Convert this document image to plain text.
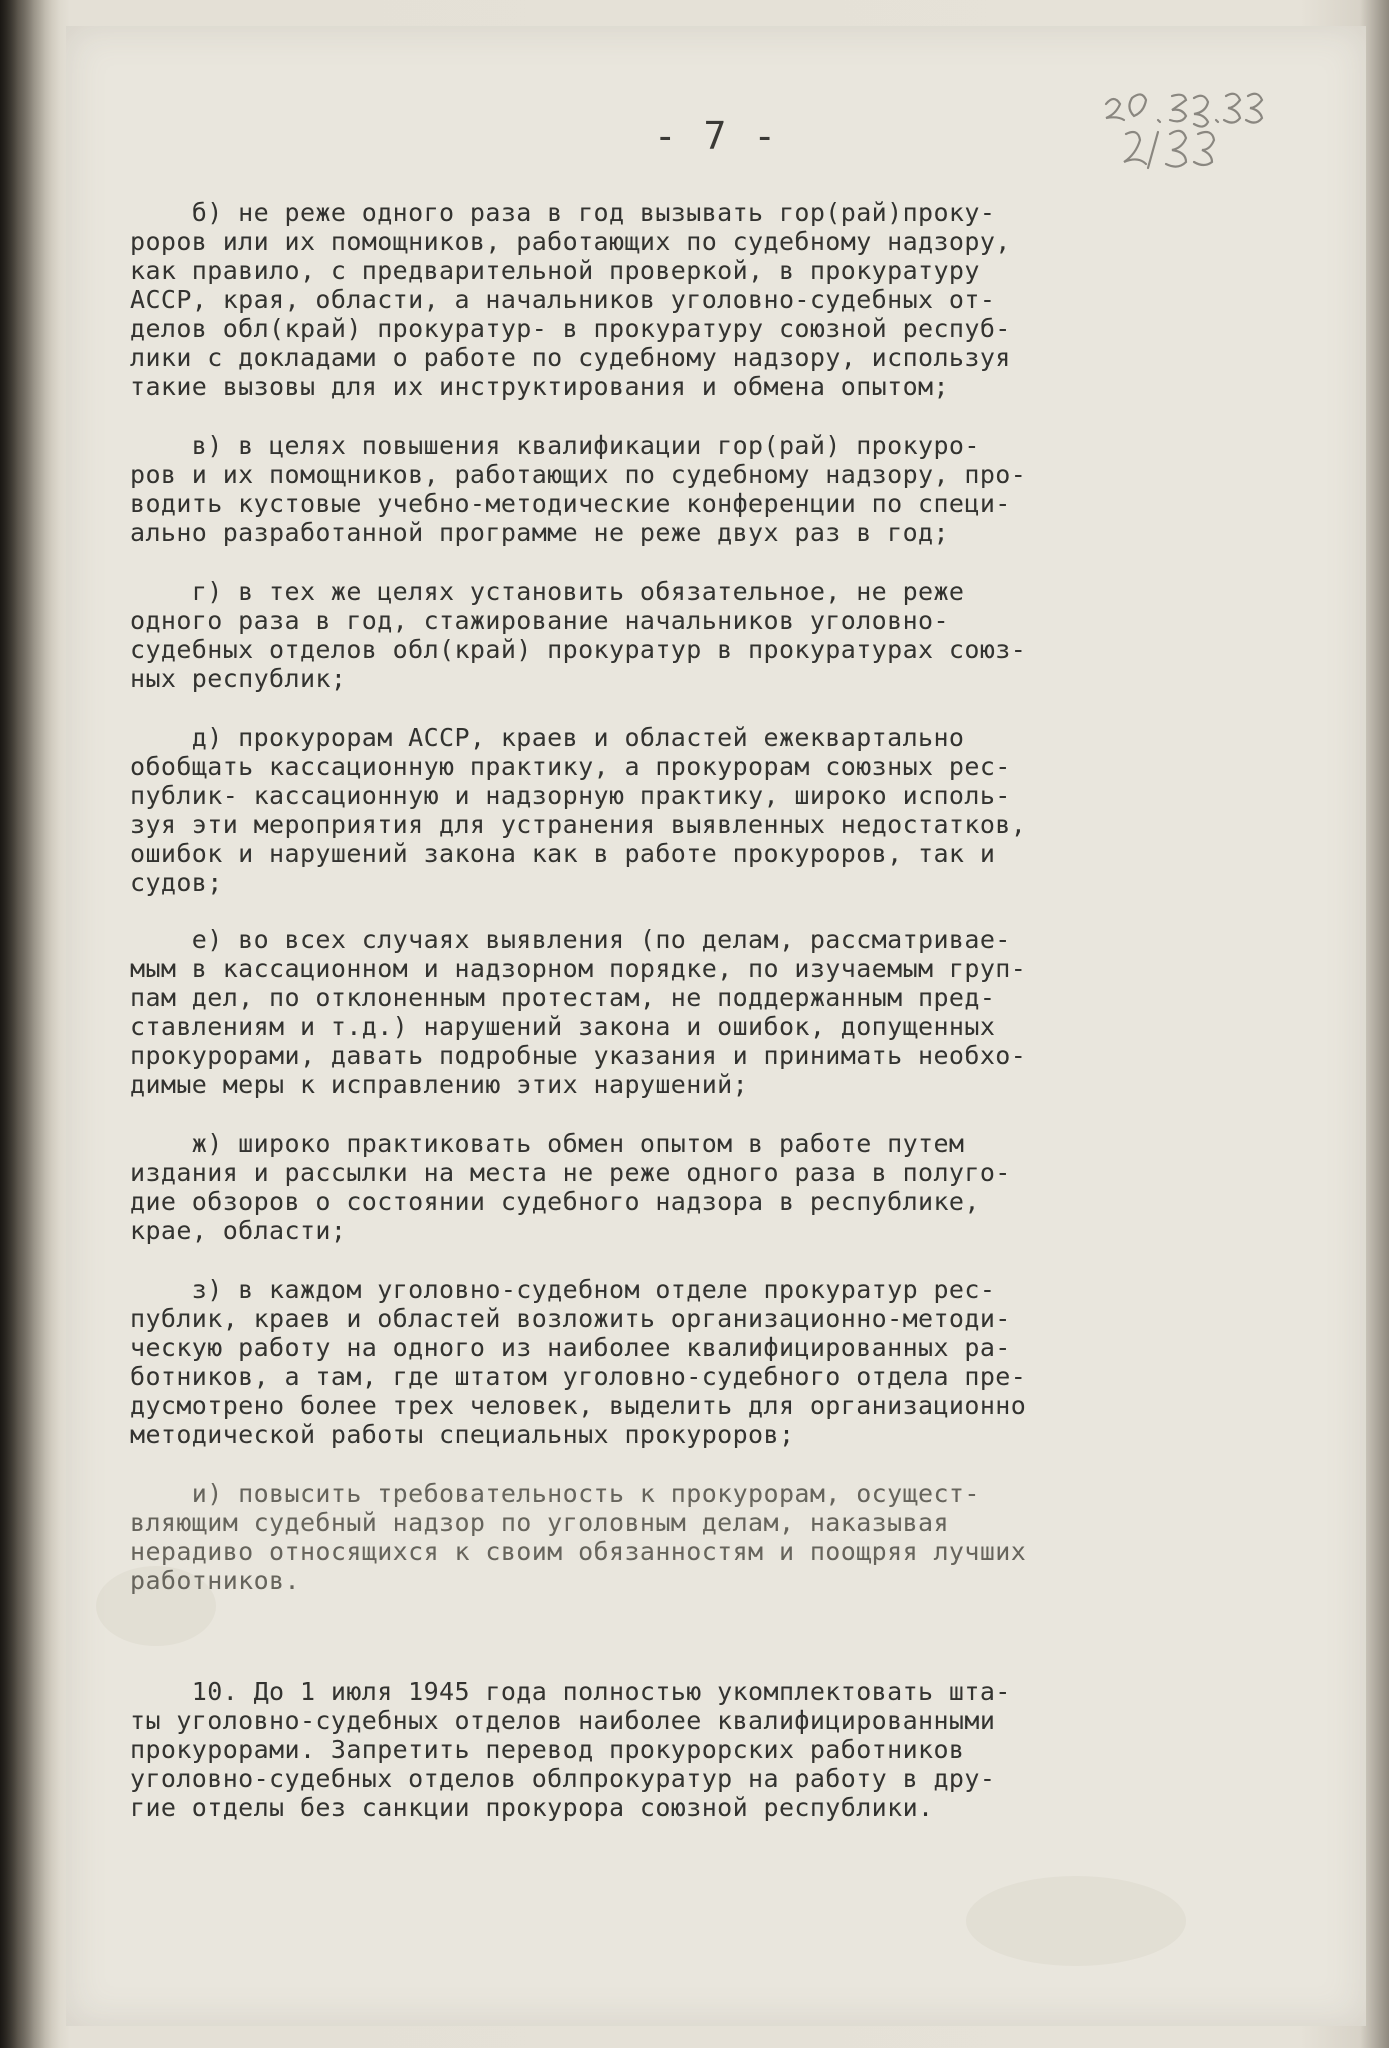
- 7 -
б) не реже одного раза в год вызывать гор(рай)проку-
роров или их помощников, работающих по судебному надзору,
как правило, с предварительной проверкой, в прокуратуру
АССР, края, области, а начальников уголовно-судебных от-
делов обл(край) прокуратур- в прокуратуру союзной респуб-
лики с докладами о работе по судебному надзору, используя
такие вызовы для их инструктирования и обмена опытом;
в) в целях повышения квалификации гор(рай) прокуро-
ров и их помощников, работающих по судебному надзору, про-
водить кустовые учебно-методические конференции по специ-
ально разработанной программе не реже двух раз в год;
г) в тех же целях установить обязательное, не реже
одного раза в год, стажирование начальников уголовно-
судебных отделов обл(край) прокуратур в прокуратурах союз-
ных республик;
д) прокурорам АССР, краев и областей ежеквартально
обобщать кассационную практику, а прокурорам союзных рес-
публик- кассационную и надзорную практику, широко исполь-
зуя эти мероприятия для устранения выявленных недостатков,
ошибок и нарушений закона как в работе прокуроров, так и
судов;
е) во всех случаях выявления (по делам, рассматривае-
мым в кассационном и надзорном порядке, по изучаемым груп-
пам дел, по отклоненным протестам, не поддержанным пред-
ставлениям и т.д.) нарушений закона и ошибок, допущенных
прокурорами, давать подробные указания и принимать необхо-
димые меры к исправлению этих нарушений;
ж) широко практиковать обмен опытом в работе путем
издания и рассылки на места не реже одного раза в полуго-
дие обзоров о состоянии судебного надзора в республике,
крае, области;
з) в каждом уголовно-судебном отделе прокуратур рес-
публик, краев и областей возложить организационно-методи-
ческую работу на одного из наиболее квалифицированных ра-
ботников, а там, где штатом уголовно-судебного отдела пре-
дусмотрено более трех человек, выделить для организационно
методической работы специальных прокуроров;
и) повысить требовательность к прокурорам, осущест-
вляющим судебный надзор по уголовным делам, наказывая
нерадиво относящихся к своим обязанностям и поощряя лучших
работников.
10. До 1 июля 1945 года полностью укомплектовать шта-
ты уголовно-судебных отделов наиболее квалифицированными
прокурорами. Запретить перевод прокурорских работников
уголовно-судебных отделов облпрокуратур на работу в дру-
гие отделы без санкции прокурора союзной республики.
